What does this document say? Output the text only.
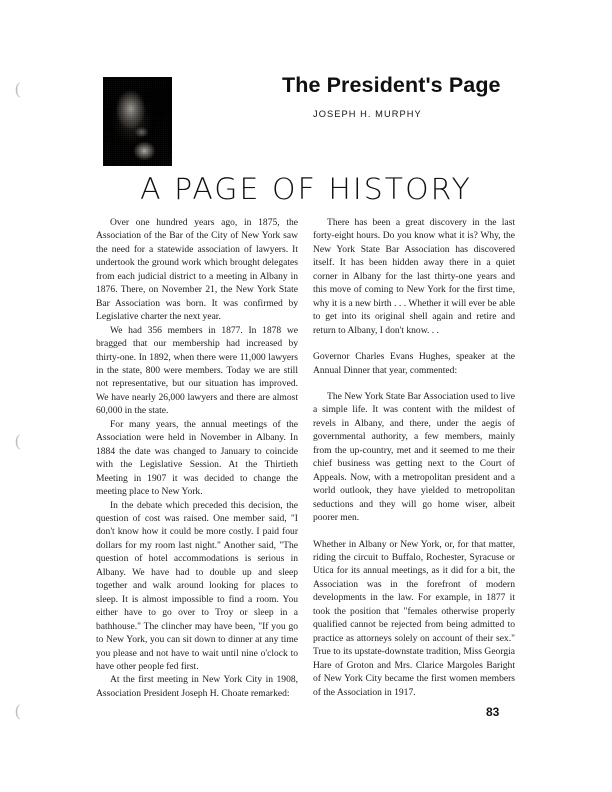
(
(
(
The President's Page
JOSEPH H. MURPHY
A PAGE OF HISTORY

Over one hundred years ago, in 1875, the Association of the Bar of the City of New York saw the need for a statewide association of lawyers. It undertook the ground work which brought delegates from each judicial district to a meeting in Albany in 1876. There, on November 21, the New York State Bar Association was born. It was confirmed by Legislative charter the next year.

We had 356 members in 1877. In 1878 we bragged that our membership had increased by thirty-one. In 1892, when there were 11,000 lawyers in the state, 800 were members. Today we are still not representative, but our situation has improved. We have nearly 26,000 lawyers and there are almost 60,000 in the state.

For many years, the annual meetings of the Association were held in November in Albany. In 1884 the date was changed to January to coincide with the Legislative Session. At the Thirtieth Meeting in 1907 it was decided to change the meeting place to New York.

In the debate which preceded this decision, the question of cost was raised. One member said, "I don't know how it could be more costly. I paid four dollars for my room last night." Another said, "The question of hotel accommodations is serious in Albany. We have had to double up and sleep together and walk around looking for places to sleep. It is almost impossible to find a room. You either have to go over to Troy or sleep in a bathhouse." The clincher may have been, "If you go to New York, you can sit down to dinner at any time you please and not have to wait until nine o'clock to have other people fed first.

At the first meeting in New York City in 1908, Association President Joseph H. Choate remarked:

There has been a great discovery in the last forty-eight hours. Do you know what it is? Why, the New York State Bar Association has discovered itself. It has been hidden away there in a quiet corner in Albany for the last thirty-one years and this move of coming to New York for the first time, why it is a new birth . . . Whether it will ever be able to get into its original shell again and retire and return to Albany, I don't know. . .

Governor Charles Evans Hughes, speaker at the Annual Dinner that year, commented:

The New York State Bar Association used to live a simple life. It was content with the mildest of revels in Albany, and there, under the aegis of governmental authority, a few members, mainly from the up-country, met and it seemed to me their chief business was getting next to the Court of Appeals. Now, with a metropolitan president and a world outlook, they have yielded to metropolitan seductions and they will go home wiser, albeit poorer men.

Whether in Albany or New York, or, for that matter, riding the circuit to Buffalo, Rochester, Syracuse or Utica for its annual meetings, as it did for a bit, the Association was in the forefront of modern developments in the law. For example, in 1877 it took the position that "females otherwise properly qualified cannot be rejected from being admitted to practice as attorneys solely on account of their sex." True to its upstate-downstate tradition, Miss Georgia Hare of Groton and Mrs. Clarice Margoles Baright of New York City became the first women members of the Association in 1917.

83
